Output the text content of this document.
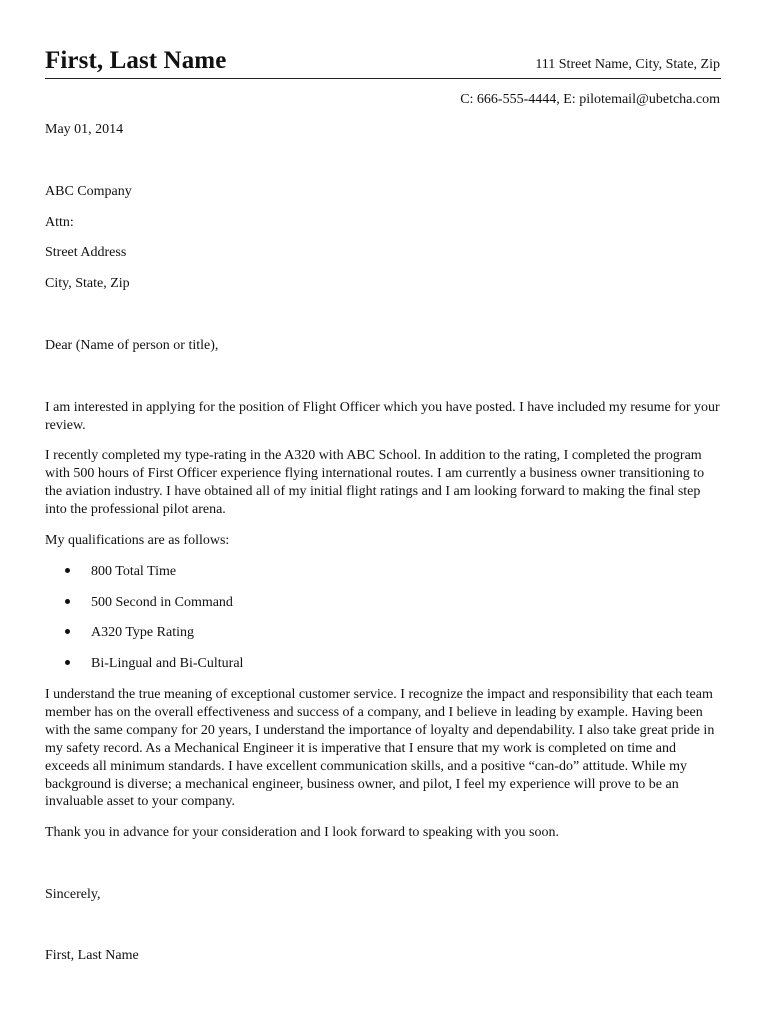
First, Last Name	111 Street Name, City, State, Zip
C: 666-555-4444, E: pilotemail@ubetcha.com
May 01, 2014
ABC Company
Attn:
Street Address
City, State, Zip
Dear (Name of person or title),
I am interested in applying for the position of Flight Officer which you have posted. I have included my resume for your review.
I recently completed my type-rating in the A320 with ABC School. In addition to the rating, I completed the program with 500 hours of First Officer experience flying international routes. I am currently a business owner transitioning to the aviation industry. I have obtained all of my initial flight ratings and I am looking forward to making the final step into the professional pilot arena.
My qualifications are as follows:
800 Total Time
500 Second in Command
A320 Type Rating
Bi-Lingual and Bi-Cultural
I understand the true meaning of exceptional customer service. I recognize the impact and responsibility that each team member has on the overall effectiveness and success of a company, and I believe in leading by example. Having been with the same company for 20 years, I understand the importance of loyalty and dependability. I also take great pride in my safety record. As a Mechanical Engineer it is imperative that I ensure that my work is completed on time and exceeds all minimum standards. I have excellent communication skills, and a positive “can-do” attitude. While my background is diverse; a mechanical engineer, business owner, and pilot, I feel my experience will prove to be an invaluable asset to your company.
Thank you in advance for your consideration and I look forward to speaking with you soon.
Sincerely,
First, Last Name
